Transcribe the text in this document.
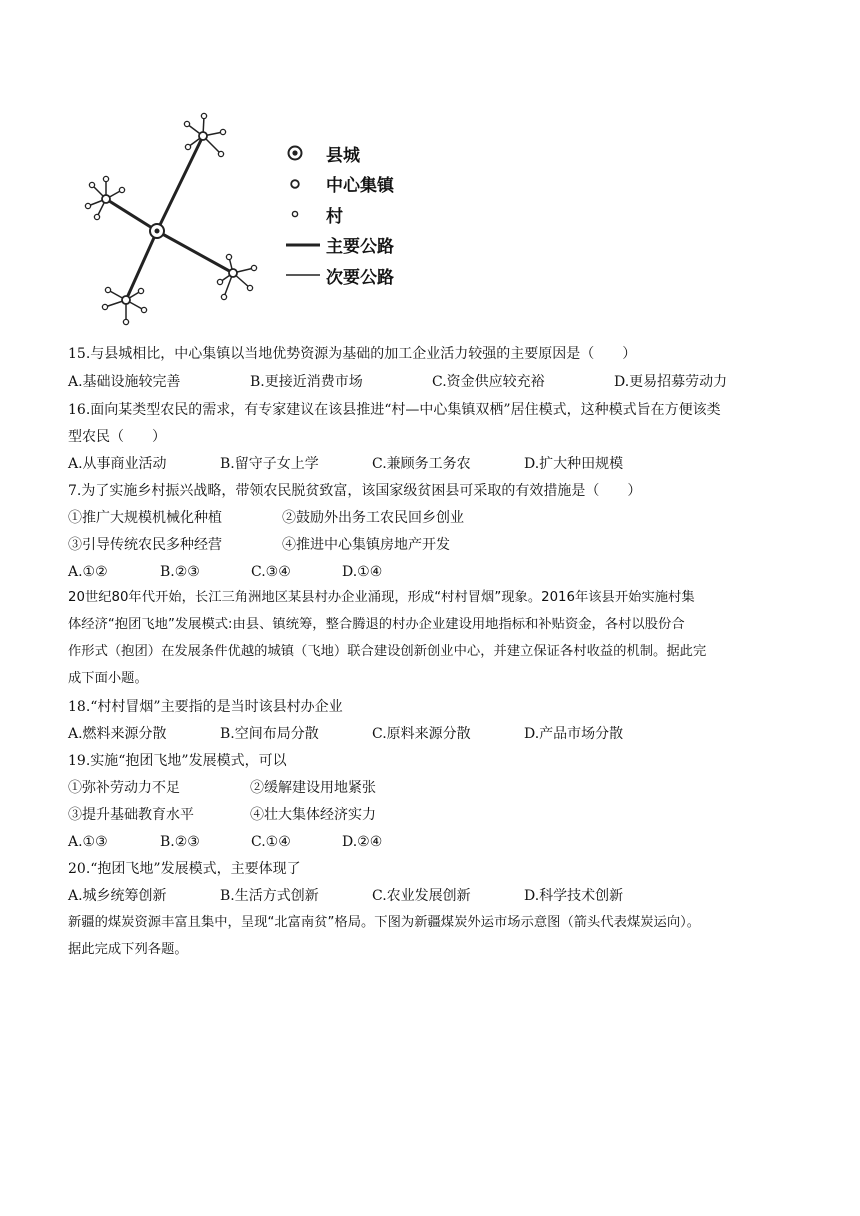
县城
中心集镇
村
主要公路
次要公路
15.与县城相比，中心集镇以当地优势资源为基础的加工企业活力较强的主要原因是（　　）
A.基础设施较完善	B.更接近消费市场	C.资金供应较充裕	D.更易招募劳动力
16.面向某类型农民的需求，有专家建议在该县推进“村—中心集镇双栖”居住模式，这种模式旨在方便该类
型农民（　　）
A.从事商业活动	B.留守子女上学	C.兼顾务工务农	D.扩大种田规模
7.为了实施乡村振兴战略，带领农民脱贫致富，该国家级贫困县可采取的有效措施是（　　）
①推广大规模机械化种植	②鼓励外出务工农民回乡创业
③引导传统农民多种经营	④推进中心集镇房地产开发
A.①②	B.②③	C.③④	D.①④
20世纪80年代开始，长江三角洲地区某县村办企业涌现，形成“村村冒烟”现象。2016年该县开始实施村集
体经济“抱团飞地”发展模式:由县、镇统筹，整合腾退的村办企业建设用地指标和补贴资金，各村以股份合
作形式（抱团）在发展条件优越的城镇（飞地）联合建设创新创业中心，并建立保证各村收益的机制。据此完
成下面小题。
18.“村村冒烟”主要指的是当时该县村办企业
A.燃料来源分散	B.空间布局分散	C.原料来源分散	D.产品市场分散
19.实施“抱团飞地”发展模式，可以
①弥补劳动力不足	②缓解建设用地紧张
③提升基础教育水平	④壮大集体经济实力
A.①③	B.②③	C.①④	D.②④
20.“抱团飞地”发展模式，主要体现了
A.城乡统筹创新	B.生活方式创新	C.农业发展创新	D.科学技术创新
新疆的煤炭资源丰富且集中，呈现“北富南贫”格局。下图为新疆煤炭外运市场示意图（箭头代表煤炭运向）。
据此完成下列各题。
